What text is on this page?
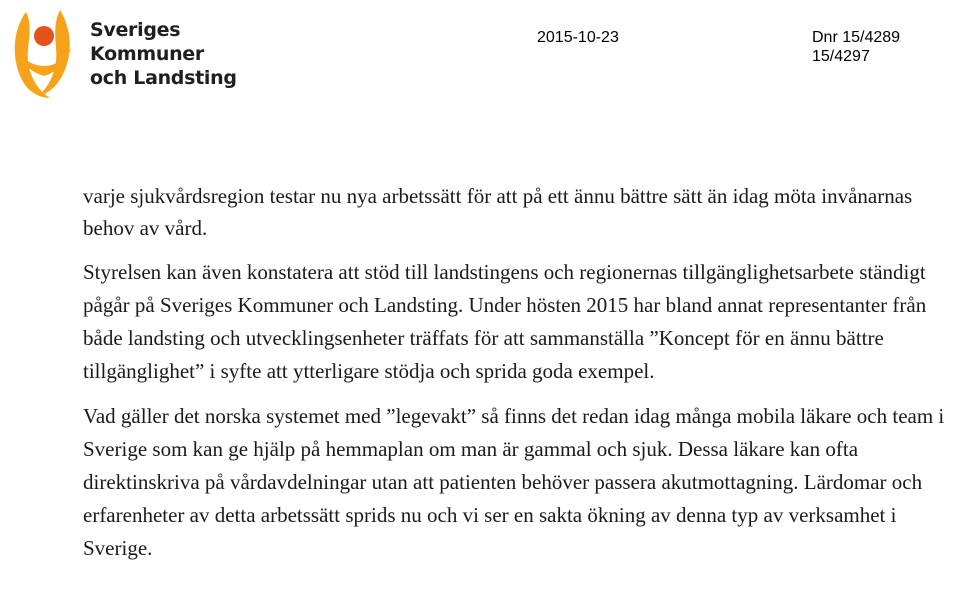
Sveriges
Kommuner
och Landsting
2015-10-23	Dnr 15/4289
15/4297

varje sjukvårdsregion testar nu nya arbetssätt för att på ett ännu bättre sätt än idag möta invånarnas behov av vård.

Styrelsen kan även konstatera att stöd till landstingens och regionernas tillgänglighetsarbete ständigt pågår på Sveriges Kommuner och Landsting. Under hösten 2015 har bland annat representanter från både landsting och utvecklingsenheter träffats för att sammanställa ”Koncept för en ännu bättre tillgänglighet” i syfte att ytterligare stödja och sprida goda exempel.

Vad gäller det norska systemet med ”legevakt” så finns det redan idag många mobila läkare och team i Sverige som kan ge hjälp på hemmaplan om man är gammal och sjuk. Dessa läkare kan ofta direktinskriva på vårdavdelningar utan att patienten behöver passera akutmottagning. Lärdomar och erfarenheter av detta arbetssätt sprids nu och vi ser en sakta ökning av denna typ av verksamhet i Sverige.
